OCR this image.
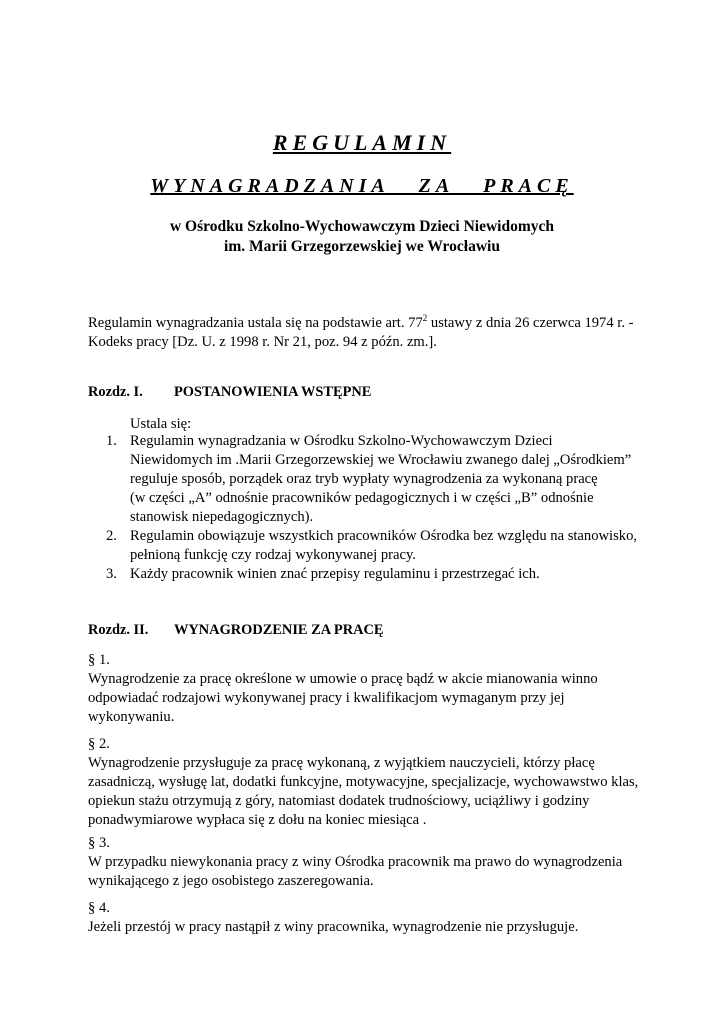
REGULAMIN
WYNAGRADZANIA   ZA   PRACĘ
w Ośrodku Szkolno-Wychowawczym Dzieci Niewidomych
im. Marii Grzegorzewskiej we Wrocławiu
Regulamin wynagradzania ustala się na podstawie art. $77^2$ ustawy z dnia 26 czerwca 1974 r. - Kodeks pracy [Dz. U. z 1998 r. Nr 21, poz. 94 z późn. zm.].
Rozdz. I. POSTANOWIENIA WSTĘPNE
Ustala się:
1. Regulamin wynagradzania w Ośrodku Szkolno-Wychowawczym Dzieci
Niewidomych im .Marii Grzegorzewskiej we Wrocławiu zwanego dalej „Ośrodkiem”
reguluje sposób, porządek oraz tryb wypłaty wynagrodzenia za wykonaną pracę
(w części „A” odnośnie pracowników pedagogicznych i w części „B” odnośnie
stanowisk niepedagogicznych).
2. Regulamin obowiązuje wszystkich pracowników Ośrodka bez względu na stanowisko,
pełnioną funkcję czy rodzaj wykonywanej pracy.
3. Każdy pracownik winien znać przepisy regulaminu i przestrzegać ich.
Rozdz. II. WYNAGRODZENIE ZA PRACĘ
§ 1.
Wynagrodzenie za pracę określone w umowie o pracę bądź w akcie mianowania winno
odpowiadać rodzajowi wykonywanej pracy i kwalifikacjom wymaganym przy jej
wykonywaniu.
§ 2.
Wynagrodzenie przysługuje za pracę wykonaną, z wyjątkiem nauczycieli, którzy płacę
zasadniczą, wysługę lat, dodatki funkcyjne, motywacyjne, specjalizacje, wychowawstwo klas,
opiekun stażu otrzymują z góry, natomiast dodatek trudnościowy, uciążliwy i godziny
ponadwymiarowe wypłaca się z dołu na koniec miesiąca .
§ 3.
W przypadku niewykonania pracy z winy Ośrodka pracownik ma prawo do wynagrodzenia
wynikającego z jego osobistego zaszeregowania.
§ 4.
Jeżeli przestój w pracy nastąpił z winy pracownika, wynagrodzenie nie przysługuje.
